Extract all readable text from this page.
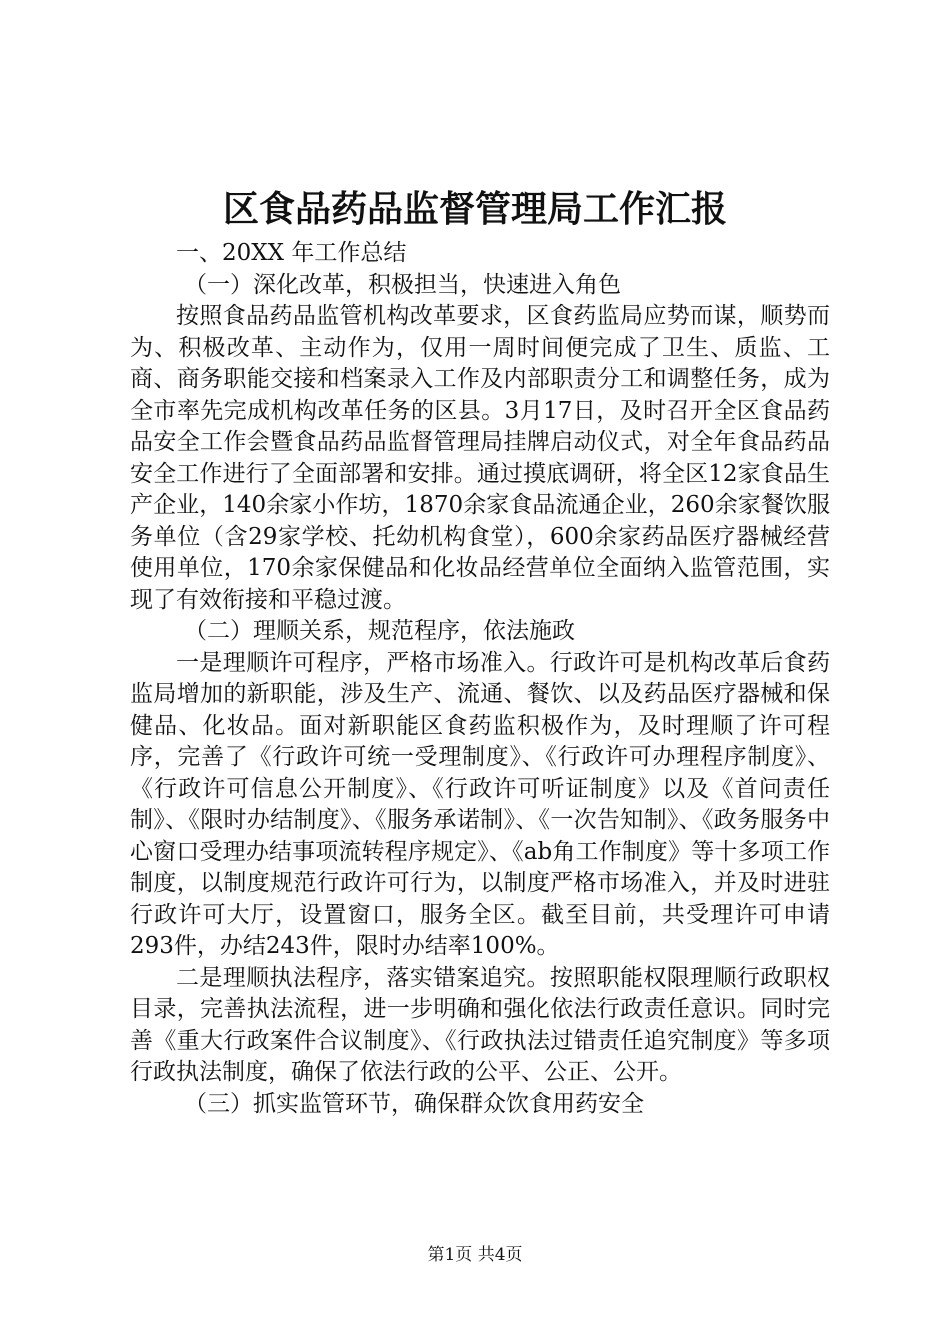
区食品药品监督管理局工作汇报

一、20XX 年工作总结

（一）深化改革，积极担当，快速进入角色

按照食品药品监管机构改革要求，区食药监局应势而谋，顺势而为、积极改革、主动作为，仅用一周时间便完成了卫生、质监、工商、商务职能交接和档案录入工作及内部职责分工和调整任务，成为全市率先完成机构改革任务的区县。3月17日，及时召开全区食品药品安全工作会暨食品药品监督管理局挂牌启动仪式，对全年食品药品安全工作进行了全面部署和安排。通过摸底调研，将全区12家食品生产企业，140余家小作坊，1870余家食品流通企业，260余家餐饮服务单位（含29家学校、托幼机构食堂），600余家药品医疗器械经营使用单位，170余家保健品和化妆品经营单位全面纳入监管范围，实现了有效衔接和平稳过渡。

（二）理顺关系，规范程序，依法施政

一是理顺许可程序，严格市场准入。行政许可是机构改革后食药监局增加的新职能，涉及生产、流通、餐饮、以及药品医疗器械和保健品、化妆品。面对新职能区食药监积极作为，及时理顺了许可程序，完善了《行政许可统一受理制度》、《行政许可办理程序制度》、《行政许可信息公开制度》、《行政许可听证制度》以及《首问责任制》、《限时办结制度》、《服务承诺制》、《一次告知制》、《政务服务中心窗口受理办结事项流转程序规定》、《ab角工作制度》等十多项工作制度，以制度规范行政许可行为，以制度严格市场准入，并及时进驻行政许可大厅，设置窗口，服务全区。截至目前，共受理许可申请293件，办结243件，限时办结率100%。

二是理顺执法程序，落实错案追究。按照职能权限理顺行政职权目录，完善执法流程，进一步明确和强化依法行政责任意识。同时完善《重大行政案件合议制度》、《行政执法过错责任追究制度》等多项行政执法制度，确保了依法行政的公平、公正、公开。

（三）抓实监管环节，确保群众饮食用药安全

第1页 共4页
